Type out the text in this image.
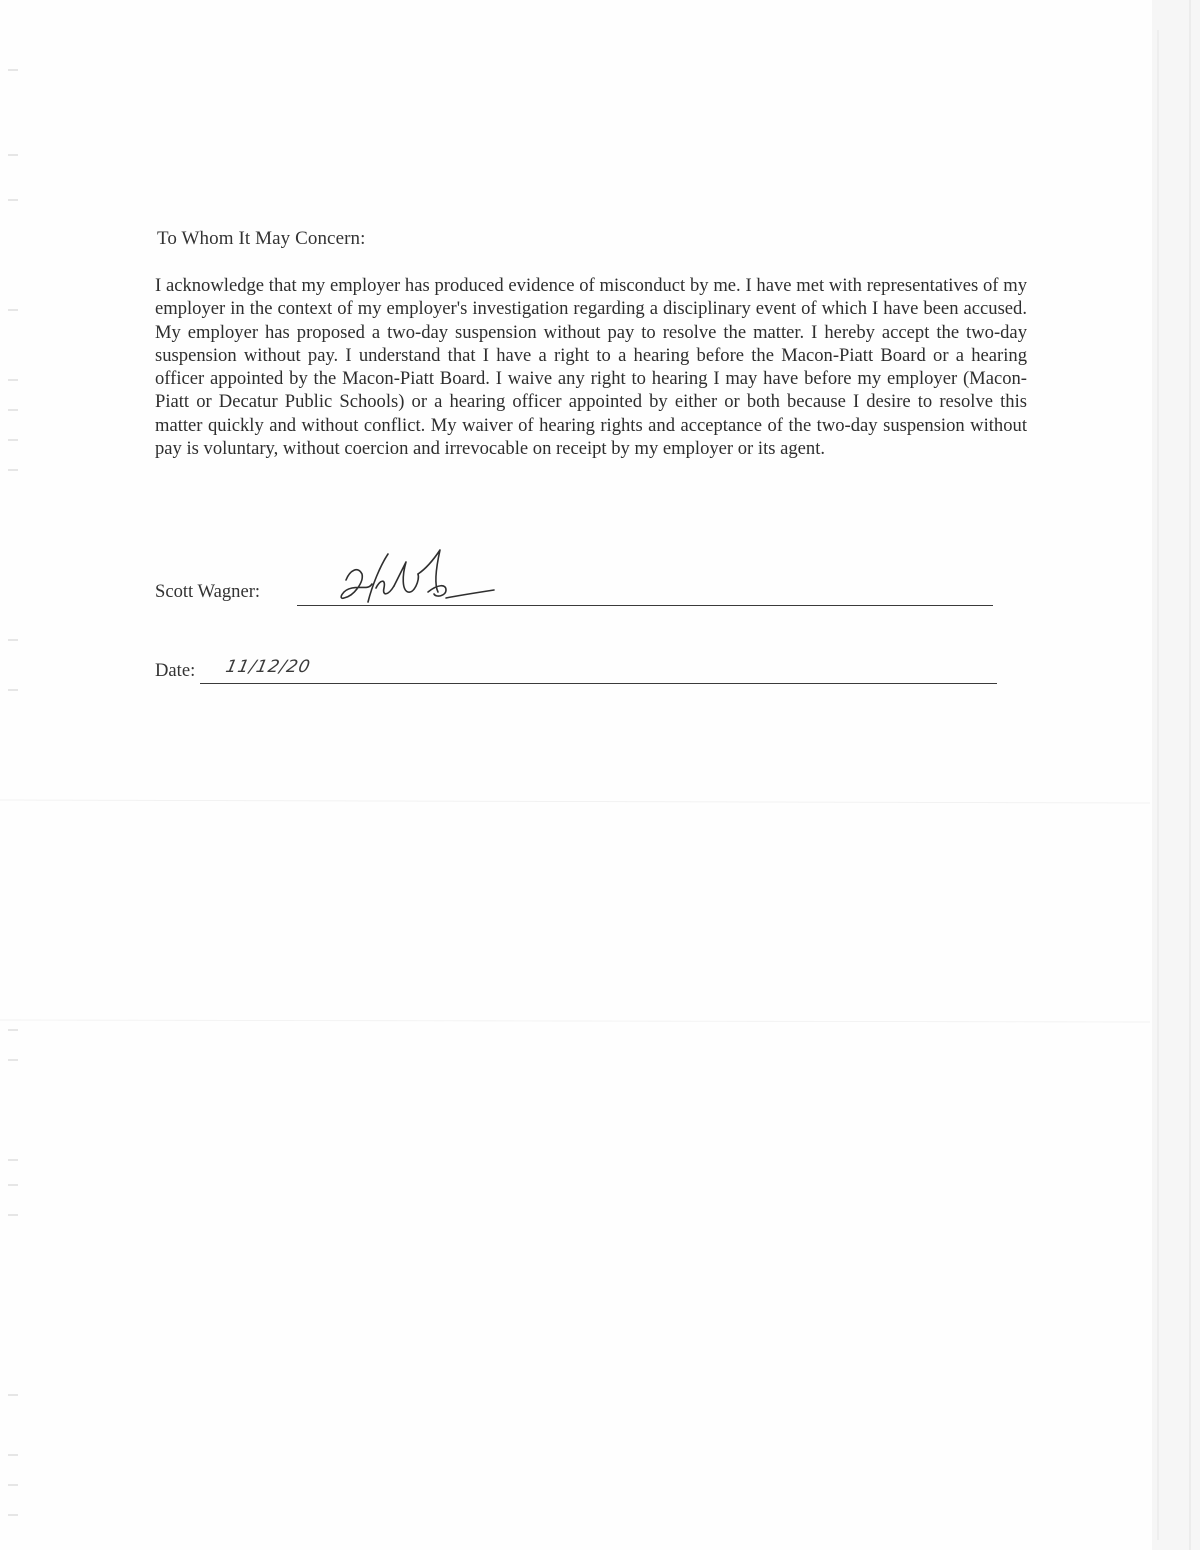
To Whom It May Concern:
I acknowledge that my employer has produced evidence of misconduct by me. I have met with representatives of my employer in the context of my employer's investigation regarding a disciplinary event of which I have been accused. My employer has proposed a two-day suspension without pay to resolve the matter. I hereby accept the two-day suspension without pay. I understand that I have a right to a hearing before the Macon-Piatt Board or a hearing officer appointed by the Macon-Piatt Board. I waive any right to hearing I may have before my employer (Macon-Piatt or Decatur Public Schools) or a hearing officer appointed by either or both because I desire to resolve this matter quickly and without conflict. My waiver of hearing rights and acceptance of the two-day suspension without pay is voluntary, without coercion and irrevocable on receipt by my employer or its agent.
Scott Wagner:
Date: 11/12/20
